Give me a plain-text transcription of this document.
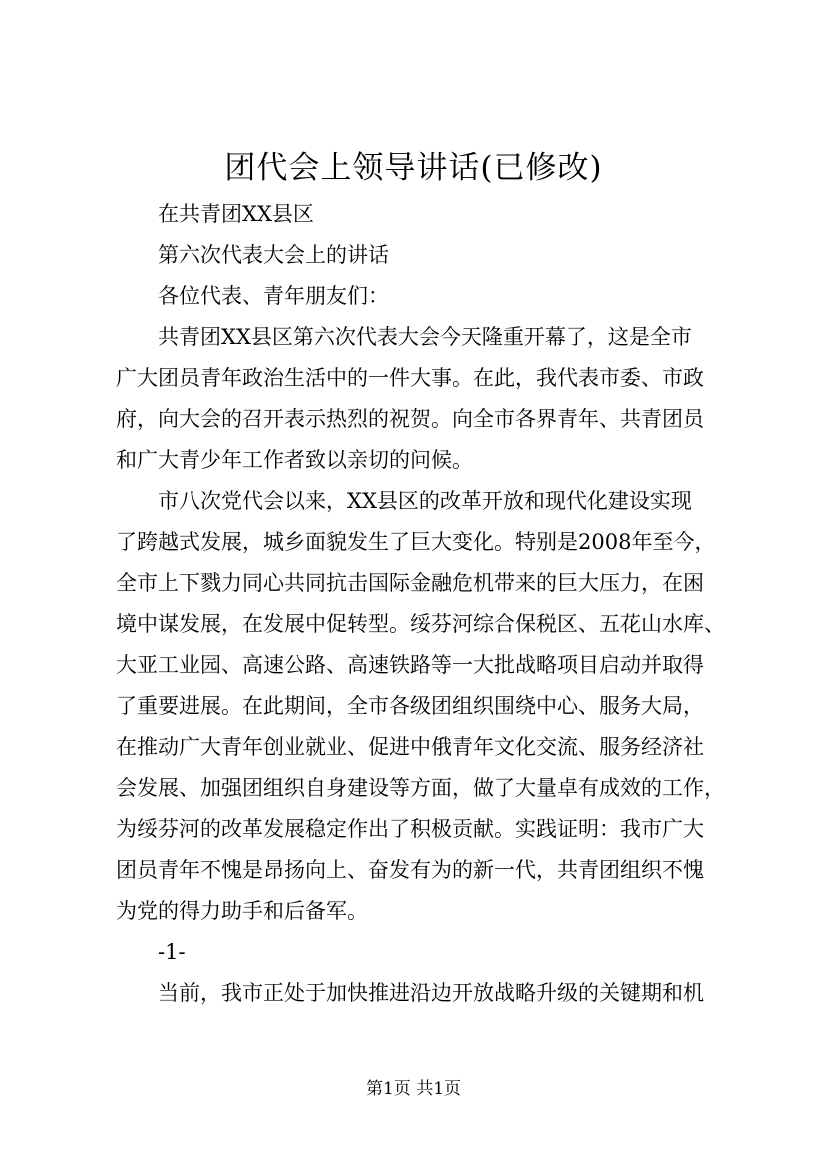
团代会上领导讲话(已修改)
在共青团XX县区
第六次代表大会上的讲话
各位代表、青年朋友们：
共青团XX县区第六次代表大会今天隆重开幕了，这是全市
广大团员青年政治生活中的一件大事。在此，我代表市委、市政
府，向大会的召开表示热烈的祝贺。向全市各界青年、共青团员
和广大青少年工作者致以亲切的问候。
市八次党代会以来，XX县区的改革开放和现代化建设实现
了跨越式发展，城乡面貌发生了巨大变化。特别是2008年至今，
全市上下戮力同心共同抗击国际金融危机带来的巨大压力，在困
境中谋发展，在发展中促转型。绥芬河综合保税区、五花山水库、
大亚工业园、高速公路、高速铁路等一大批战略项目启动并取得
了重要进展。在此期间，全市各级团组织围绕中心、服务大局，
在推动广大青年创业就业、促进中俄青年文化交流、服务经济社
会发展、加强团组织自身建设等方面，做了大量卓有成效的工作，
为绥芬河的改革发展稳定作出了积极贡献。实践证明：我市广大
团员青年不愧是昂扬向上、奋发有为的新一代，共青团组织不愧
为党的得力助手和后备军。
-1-
当前，我市正处于加快推进沿边开放战略升级的关键期和机
第1页 共1页
